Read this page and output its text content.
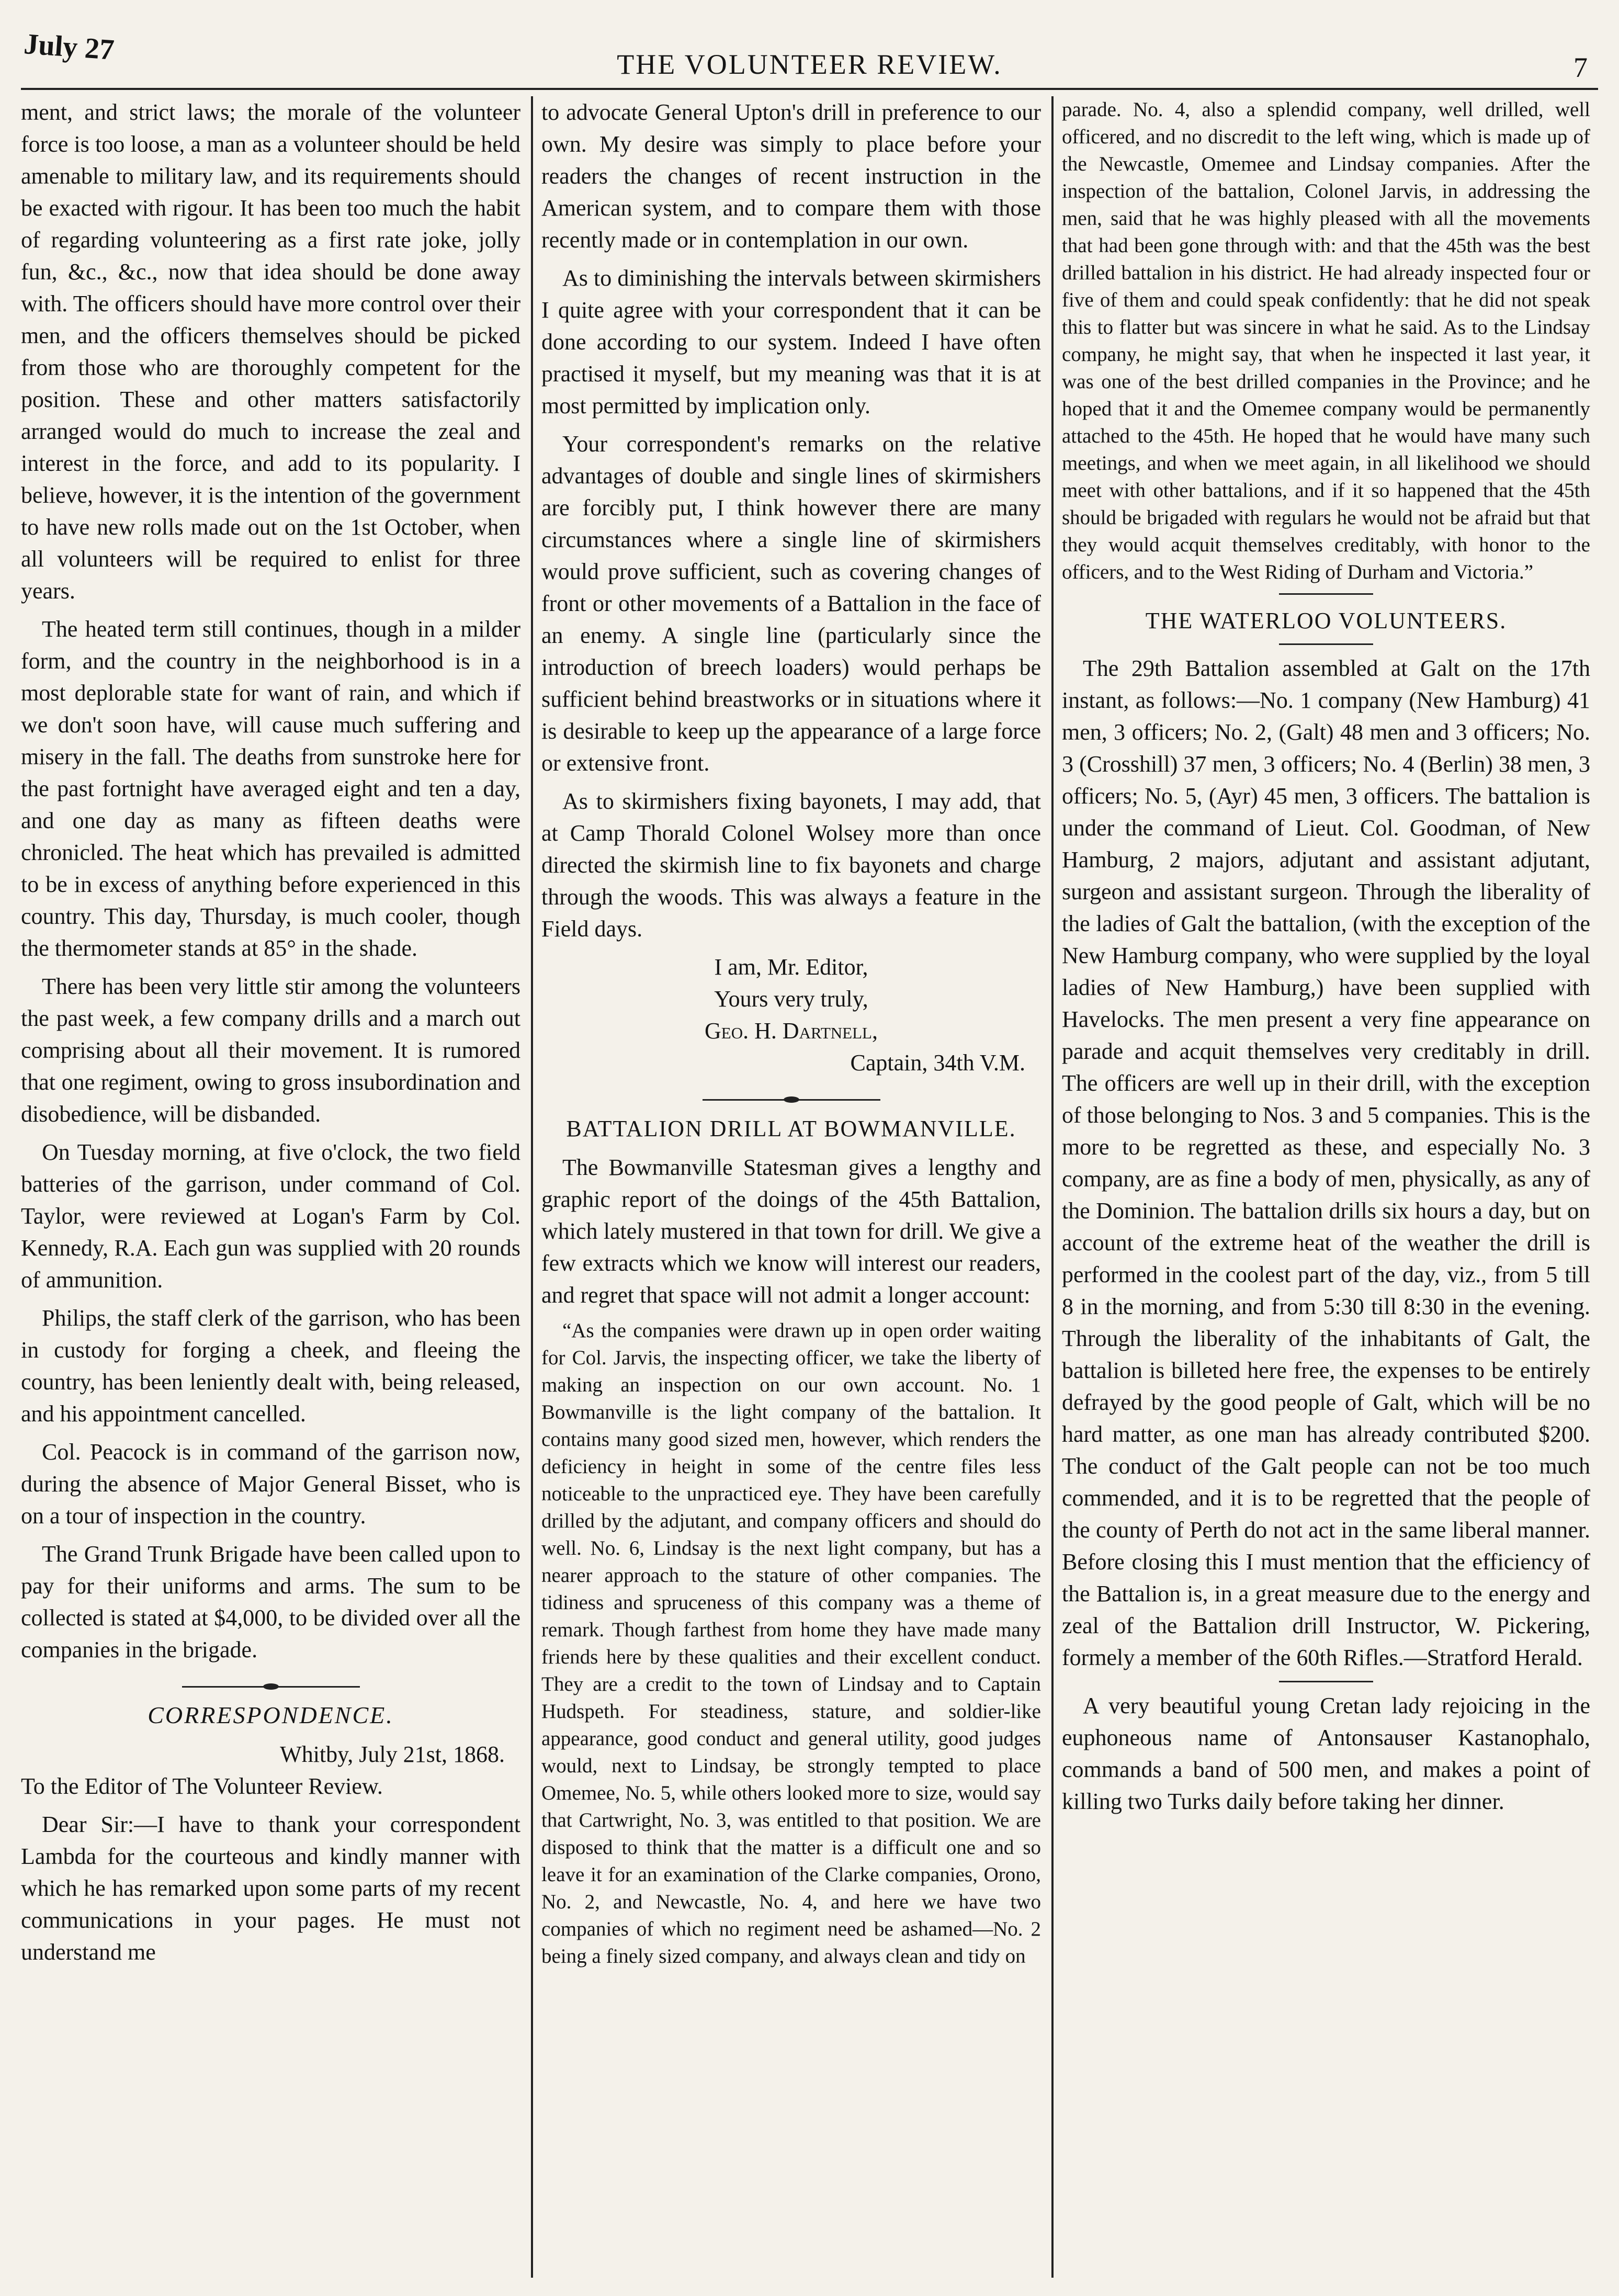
July 27	THE VOLUNTEER REVIEW.	7

ment, and strict laws; the morale of the volunteer force is too loose, a man as a volunteer should be held amenable to military law, and its requirements should be exacted with rigour. It has been too much the habit of regarding volunteering as a first rate joke, jolly fun, &c., &c., now that idea should be done away with. The officers should have more control over their men, and the officers themselves should be picked from those who are thoroughly competent for the position. These and other matters satisfactorily arranged would do much to increase the zeal and interest in the force, and add to its popularity. I believe, however, it is the intention of the government to have new rolls made out on the 1st October, when all volunteers will be required to enlist for three years.

The heated term still continues, though in a milder form, and the country in the neighborhood is in a most deplorable state for want of rain, and which if we don't soon have, will cause much suffering and misery in the fall. The deaths from sunstroke here for the past fortnight have averaged eight and ten a day, and one day as many as fifteen deaths were chronicled. The heat which has prevailed is admitted to be in excess of anything before experienced in this country. This day, Thursday, is much cooler, though the thermometer stands at 85° in the shade.

There has been very little stir among the volunteers the past week, a few company drills and a march out comprising about all their movement. It is rumored that one regiment, owing to gross insubordination and disobedience, will be disbanded.

On Tuesday morning, at five o'clock, the two field batteries of the garrison, under command of Col. Taylor, were reviewed at Logan's Farm by Col. Kennedy, R.A. Each gun was supplied with 20 rounds of ammunition.

Philips, the staff clerk of the garrison, who has been in custody for forging a cheek, and fleeing the country, has been leniently dealt with, being released, and his appointment cancelled.

Col. Peacock is in command of the garrison now, during the absence of Major General Bisset, who is on a tour of inspection in the country.

The Grand Trunk Brigade have been called upon to pay for their uniforms and arms. The sum to be collected is stated at $4,000, to be divided over all the companies in the brigade.

CORRESPONDENCE.
Whitby, July 21st, 1868.

To the Editor of The Volunteer Review.

Dear Sir:—I have to thank your correspondent Lambda for the courteous and kindly manner with which he has remarked upon some parts of my recent communications in your pages. He must not understand me

to advocate General Upton's drill in preference to our own. My desire was simply to place before your readers the changes of recent instruction in the American system, and to compare them with those recently made or in contemplation in our own.

As to diminishing the intervals between skirmishers I quite agree with your correspondent that it can be done according to our system. Indeed I have often practised it myself, but my meaning was that it is at most permitted by implication only.

Your correspondent's remarks on the relative advantages of double and single lines of skirmishers are forcibly put, I think however there are many circumstances where a single line of skirmishers would prove sufficient, such as covering changes of front or other movements of a Battalion in the face of an enemy. A single line (particularly since the introduction of breech loaders) would perhaps be sufficient behind breastworks or in situations where it is desirable to keep up the appearance of a large force or extensive front.

As to skirmishers fixing bayonets, I may add, that at Camp Thorald Colonel Wolsey more than once directed the skirmish line to fix bayonets and charge through the woods. This was always a feature in the Field days.

I am, Mr. Editor,
Yours very truly,
Geo. H. Dartnell,
Captain, 34th V.M.
BATTALION DRILL AT BOWMANVILLE.

The Bowmanville Statesman gives a lengthy and graphic report of the doings of the 45th Battalion, which lately mustered in that town for drill. We give a few extracts which we know will interest our readers, and regret that space will not admit a longer account:

“As the companies were drawn up in open order waiting for Col. Jarvis, the inspecting officer, we take the liberty of making an inspection on our own account. No. 1 Bowmanville is the light company of the battalion. It contains many good sized men, however, which renders the deficiency in height in some of the centre files less noticeable to the unpracticed eye. They have been carefully drilled by the adjutant, and company officers and should do well. No. 6, Lindsay is the next light company, but has a nearer approach to the stature of other companies. The tidiness and spruceness of this company was a theme of remark. Though farthest from home they have made many friends here by these qualities and their excellent conduct. They are a credit to the town of Lindsay and to Captain Hudspeth. For steadiness, stature, and soldier-like appearance, good conduct and general utility, good judges would, next to Lindsay, be strongly tempted to place Omemee, No. 5, while others looked more to size, would say that Cartwright, No. 3, was entitled to that position. We are disposed to think that the matter is a difficult one and so leave it for an examination of the Clarke companies, Orono, No. 2, and Newcastle, No. 4, and here we have two companies of which no regiment need be ashamed—No. 2 being a finely sized company, and always clean and tidy on

parade. No. 4, also a splendid company, well drilled, well officered, and no discredit to the left wing, which is made up of the Newcastle, Omemee and Lindsay companies. After the inspection of the battalion, Colonel Jarvis, in addressing the men, said that he was highly pleased with all the movements that had been gone through with: and that the 45th was the best drilled battalion in his district. He had already inspected four or five of them and could speak confidently: that he did not speak this to flatter but was sincere in what he said. As to the Lindsay company, he might say, that when he inspected it last year, it was one of the best drilled companies in the Province; and he hoped that it and the Omemee company would be permanently attached to the 45th. He hoped that he would have many such meetings, and when we meet again, in all likelihood we should meet with other battalions, and if it so happened that the 45th should be brigaded with regulars he would not be afraid but that they would acquit themselves creditably, with honor to the officers, and to the West Riding of Durham and Victoria.”

THE WATERLOO VOLUNTEERS.

The 29th Battalion assembled at Galt on the 17th instant, as follows:—No. 1 company (New Hamburg) 41 men, 3 officers; No. 2, (Galt) 48 men and 3 officers; No. 3 (Crosshill) 37 men, 3 officers; No. 4 (Berlin) 38 men, 3 officers; No. 5, (Ayr) 45 men, 3 officers. The battalion is under the command of Lieut. Col. Goodman, of New Hamburg, 2 majors, adjutant and assistant adjutant, surgeon and assistant surgeon. Through the liberality of the ladies of Galt the battalion, (with the exception of the New Hamburg company, who were supplied by the loyal ladies of New Hamburg,) have been supplied with Havelocks. The men present a very fine appearance on parade and acquit themselves very creditably in drill. The officers are well up in their drill, with the exception of those belonging to Nos. 3 and 5 companies. This is the more to be regretted as these, and especially No. 3 company, are as fine a body of men, physically, as any of the Dominion. The battalion drills six hours a day, but on account of the extreme heat of the weather the drill is performed in the coolest part of the day, viz., from 5 till 8 in the morning, and from 5:30 till 8:30 in the evening. Through the liberality of the inhabitants of Galt, the battalion is billeted here free, the expenses to be entirely defrayed by the good people of Galt, which will be no hard matter, as one man has already contributed $200. The conduct of the Galt people can not be too much commended, and it is to be regretted that the people of the county of Perth do not act in the same liberal manner. Before closing this I must mention that the efficiency of the Battalion is, in a great measure due to the energy and zeal of the Battalion drill Instructor, W. Pickering, formely a member of the 60th Rifles.—Stratford Herald.

A very beautiful young Cretan lady rejoicing in the euphoneous name of Antonsauser Kastanophalo, commands a band of 500 men, and makes a point of killing two Turks daily before taking her dinner.
